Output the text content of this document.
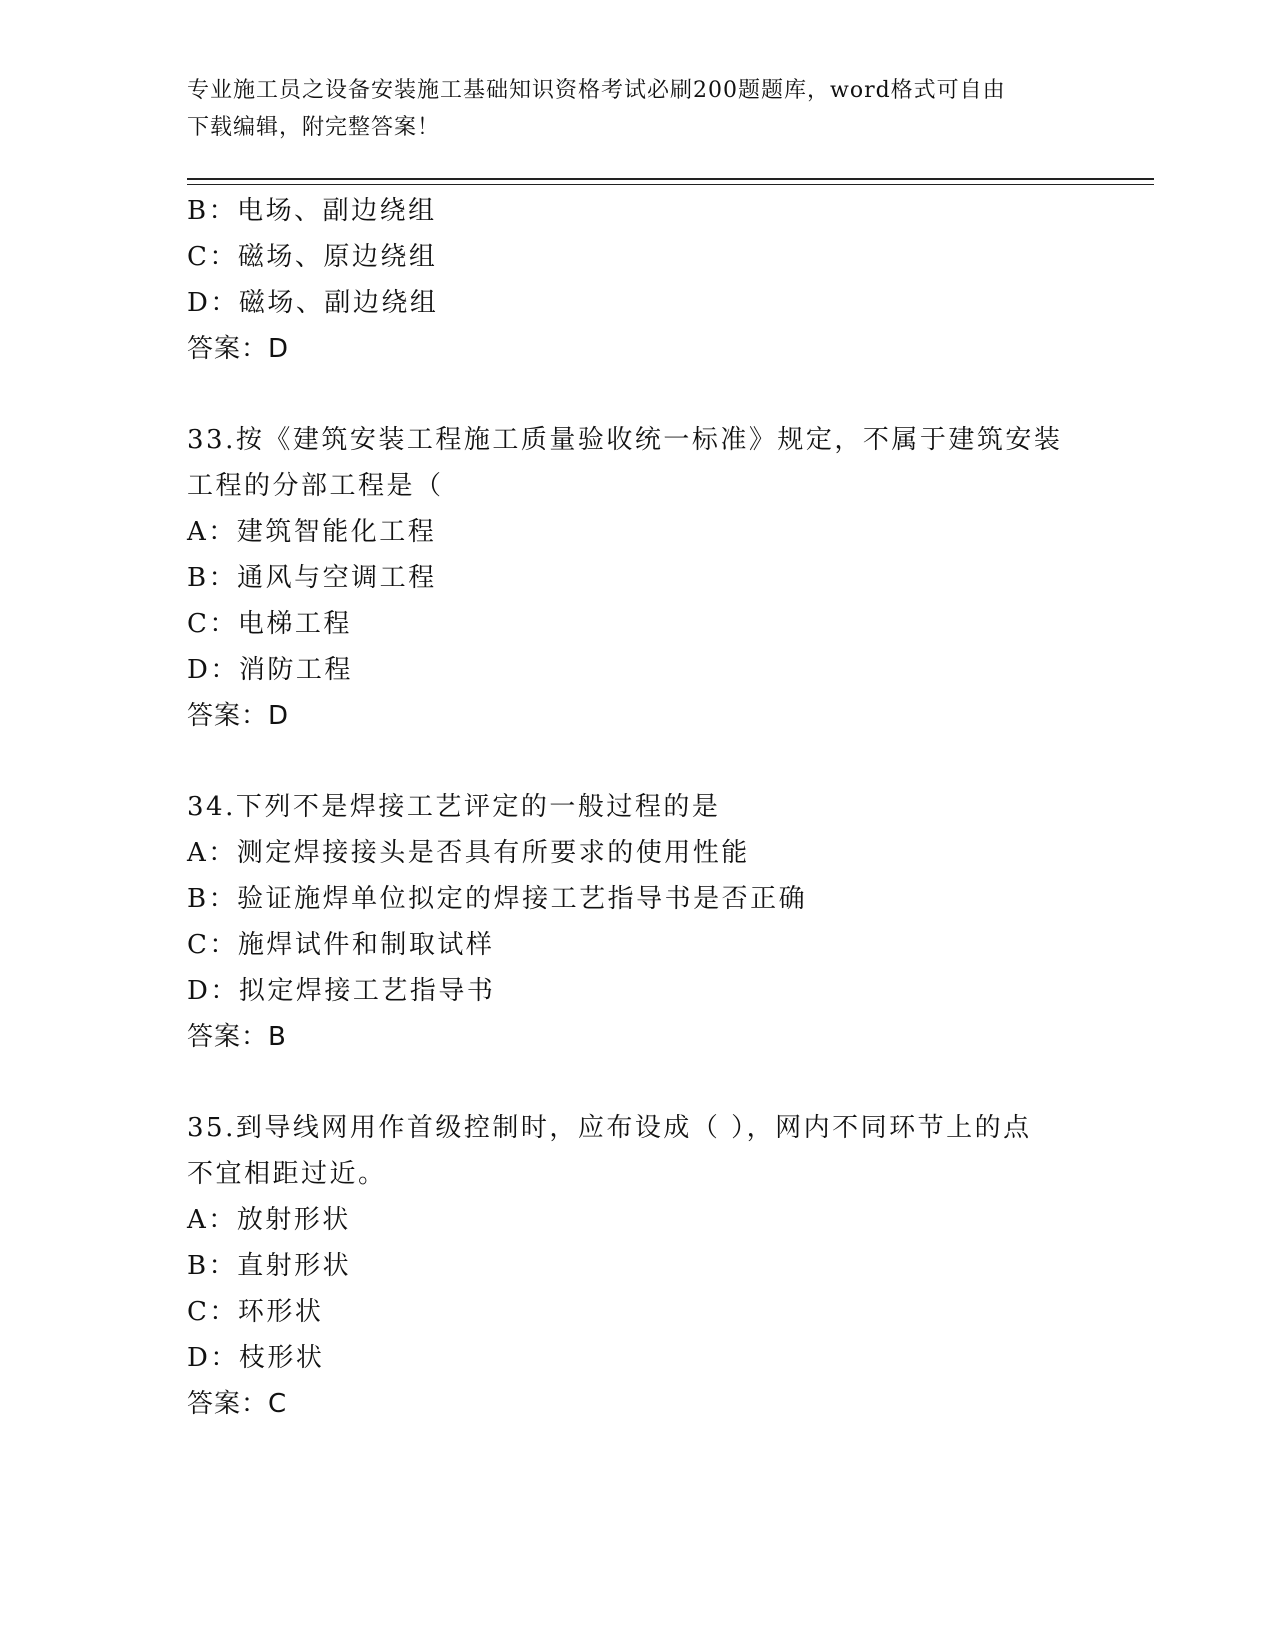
专业施工员之设备安装施工基础知识资格考试必刷200题题库，word格式可自由
下载编辑，附完整答案！
B：电场、副边绕组
C：磁场、原边绕组
D：磁场、副边绕组
答案：D
33.按《建筑安装工程施工质量验收统一标准》规定，不属于建筑安装
工程的分部工程是（
A：建筑智能化工程
B：通风与空调工程
C：电梯工程
D：消防工程
答案：D
34.下列不是焊接工艺评定的一般过程的是
A：测定焊接接头是否具有所要求的使用性能
B：验证施焊单位拟定的焊接工艺指导书是否正确
C：施焊试件和制取试样
D：拟定焊接工艺指导书
答案：B
35.到导线网用作首级控制时，应布设成（ ），网内不同环节上的点
不宜相距过近。
A：放射形状
B：直射形状
C：环形状
D：枝形状
答案：C
